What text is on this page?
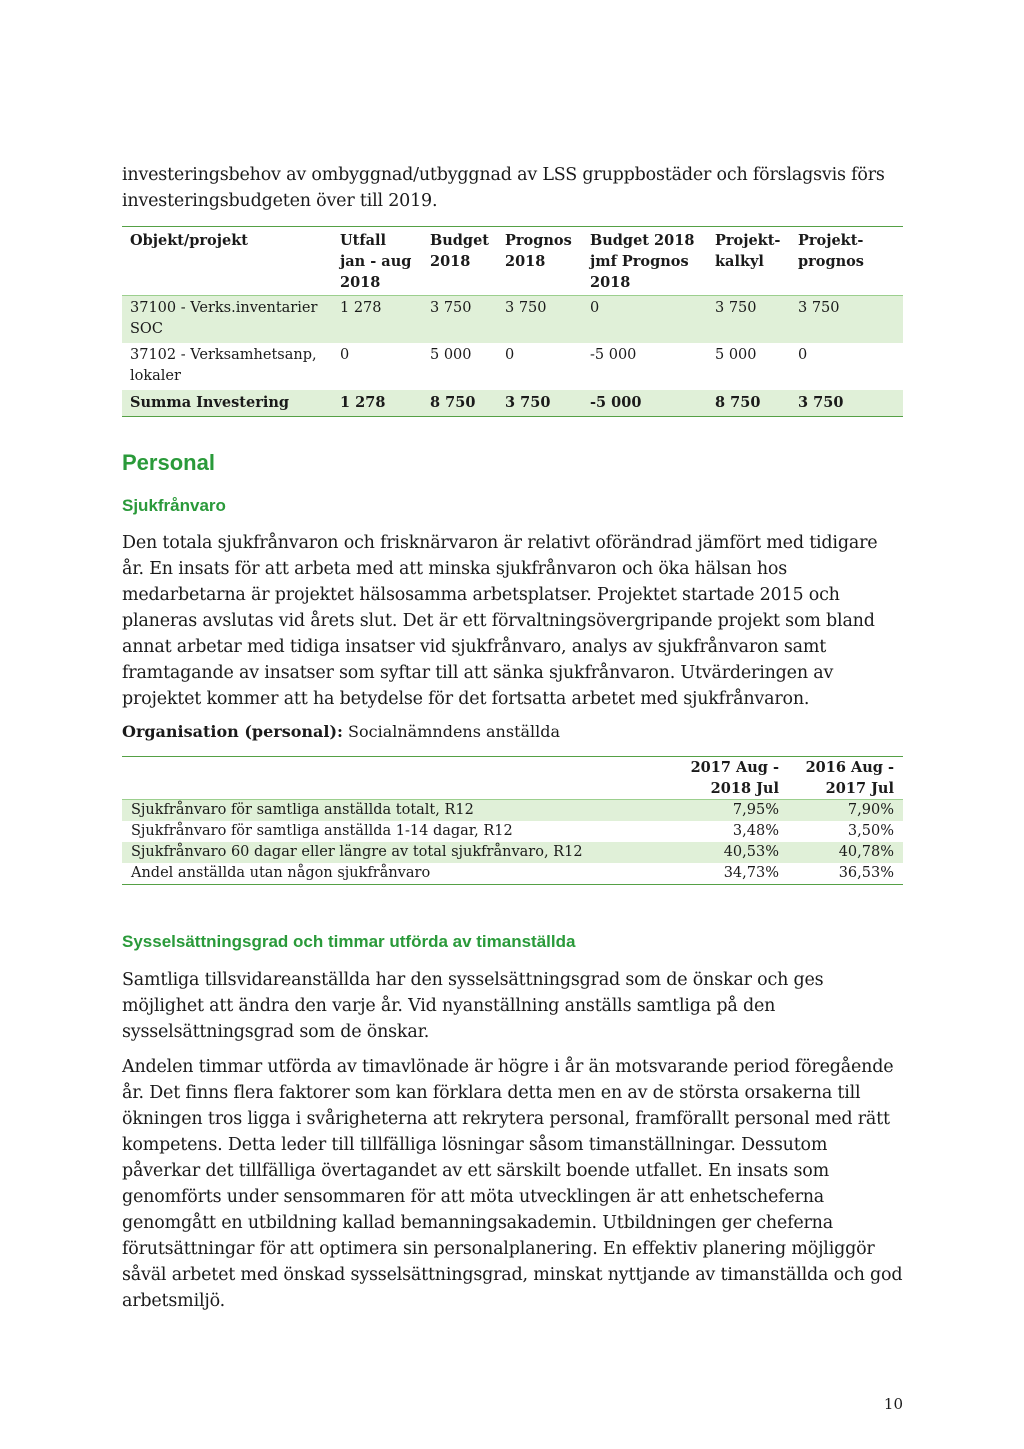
investeringsbehov av ombyggnad/utbyggnad av LSS gruppbostäder och förslagsvis förs investeringsbudgeten över till 2019.

Objekt/projekt	Utfall jan - aug 2018	Budget 2018	Prognos 2018	Budget 2018 jmf Prognos 2018	Projekt-kalkyl	Projekt-prognos
37100 - Verks.inventarier SOC	1 278	3 750	3 750	0	3 750	3 750
37102 - Verksamhetsanp, lokaler	0	5 000	0	-5 000	5 000	0
Summa Investering	1 278	8 750	3 750	-5 000	8 750	3 750
Personal
Sjukfrånvaro

Den totala sjukfrånvaron och frisknärvaron är relativt oförändrad jämfört med tidigare år. En insats för att arbeta med att minska sjukfrånvaron och öka hälsan hos medarbetarna är projektet hälsosamma arbetsplatser. Projektet startade 2015 och planeras avslutas vid årets slut. Det är ett förvaltningsövergripande projekt som bland annat arbetar med tidiga insatser vid sjukfrånvaro, analys av sjukfrånvaron samt framtagande av insatser som syftar till att sänka sjukfrånvaron. Utvärderingen av projektet kommer att ha betydelse för det fortsatta arbetet med sjukfrånvaron.

Organisation (personal): Socialnämndens anställda

	2017 Aug - 2018 Jul	2016 Aug - 2017 Jul
Sjukfrånvaro för samtliga anställda totalt, R12	7,95%	7,90%
Sjukfrånvaro för samtliga anställda 1-14 dagar, R12	3,48%	3,50%
Sjukfrånvaro 60 dagar eller längre av total sjukfrånvaro, R12	40,53%	40,78%
Andel anställda utan någon sjukfrånvaro	34,73%	36,53%
Sysselsättningsgrad och timmar utförda av timanställda

Samtliga tillsvidareanställda har den sysselsättningsgrad som de önskar och ges möjlighet att ändra den varje år. Vid nyanställning anställs samtliga på den sysselsättningsgrad som de önskar.

Andelen timmar utförda av timavlönade är högre i år än motsvarande period föregående år. Det finns flera faktorer som kan förklara detta men en av de största orsakerna till ökningen tros ligga i svårigheterna att rekrytera personal, framförallt personal med rätt kompetens. Detta leder till tillfälliga lösningar såsom timanställningar. Dessutom påverkar det tillfälliga övertagandet av ett särskilt boende utfallet. En insats som genomförts under sensommaren för att möta utvecklingen är att enhetscheferna genomgått en utbildning kallad bemanningsakademin. Utbildningen ger cheferna förutsättningar för att optimera sin personalplanering. En effektiv planering möjliggör såväl arbetet med önskad sysselsättningsgrad, minskat nyttjande av timanställda och god arbetsmiljö.

10
